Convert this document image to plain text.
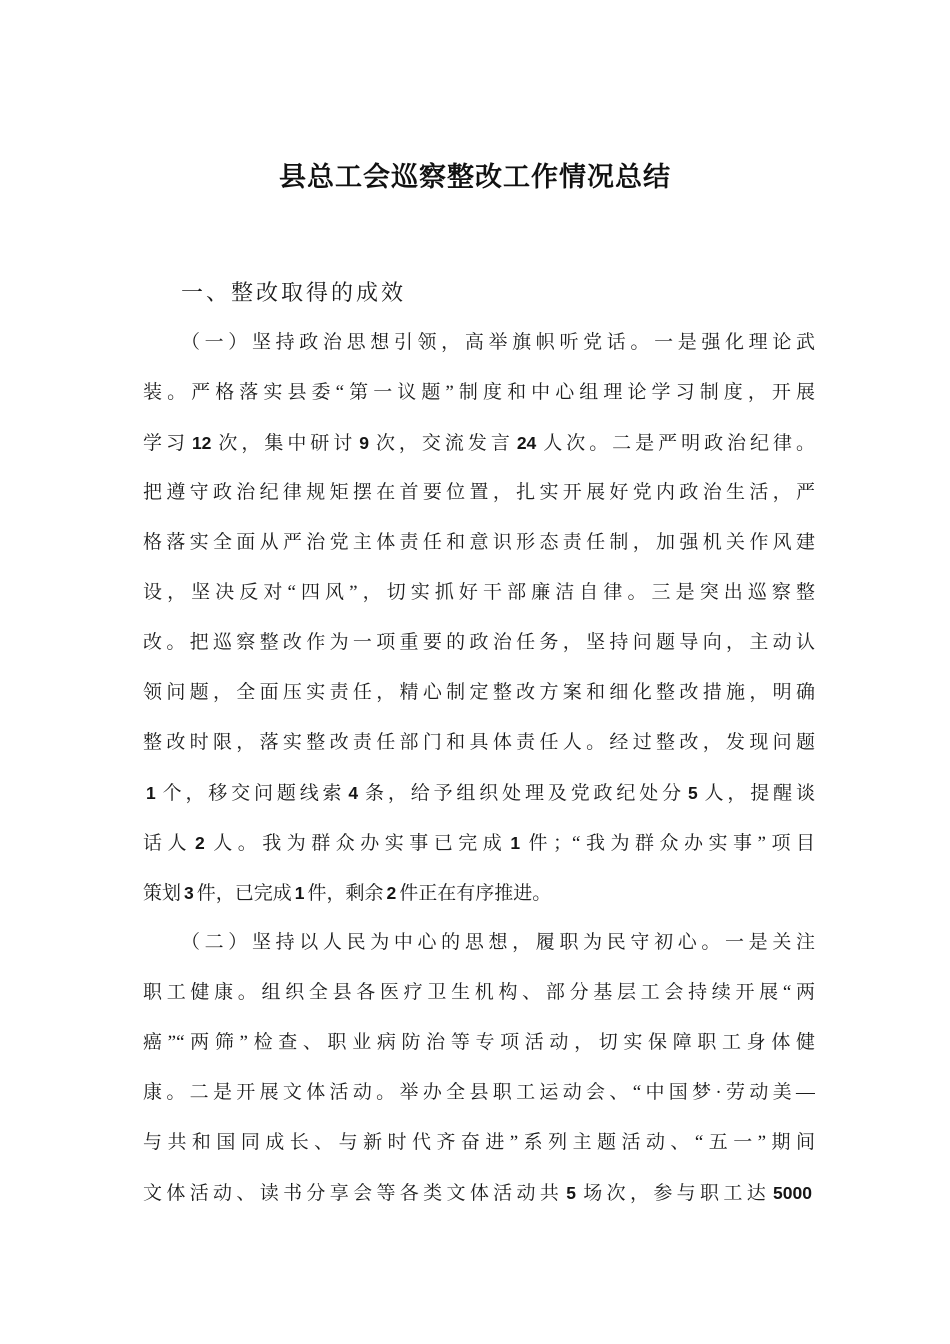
县总工会巡察整改工作情况总结
一、整改取得的成效
（一）坚持政治思想引领，高举旗帜听党话。一是强化理论武
装。严格落实县委“第一议题”制度和中心组理论学习制度，开展
学习 12 次，集中研讨 9 次，交流发言 24 人次。二是严明政治纪律。
把遵守政治纪律规矩摆在首要位置，扎实开展好党内政治生活，严
格落实全面从严治党主体责任和意识形态责任制，加强机关作风建
设，坚决反对“四风”，切实抓好干部廉洁自律。三是突出巡察整
改。把巡察整改作为一项重要的政治任务，坚持问题导向，主动认
领问题，全面压实责任，精心制定整改方案和细化整改措施，明确
整改时限，落实整改责任部门和具体责任人。经过整改，发现问题
1 个，移交问题线索 4 条，给予组织处理及党政纪处分 5 人，提醒谈
话人 2 人。我为群众办实事已完成 1 件；“我为群众办实事”项目
策划 3 件，已完成 1 件，剩余 2 件正在有序推进。
（二）坚持以人民为中心的思想，履职为民守初心。一是关注
职工健康。组织全县各医疗卫生机构、部分基层工会持续开展“两
癌”“两筛”检查、职业病防治等专项活动，切实保障职工身体健
康。二是开展文体活动。举办全县职工运动会、“中国梦·劳动美—
与共和国同成长、与新时代齐奋进”系列主题活动、“五一”期间
文体活动、读书分享会等各类文体活动共 5 场次，参与职工达 5000
